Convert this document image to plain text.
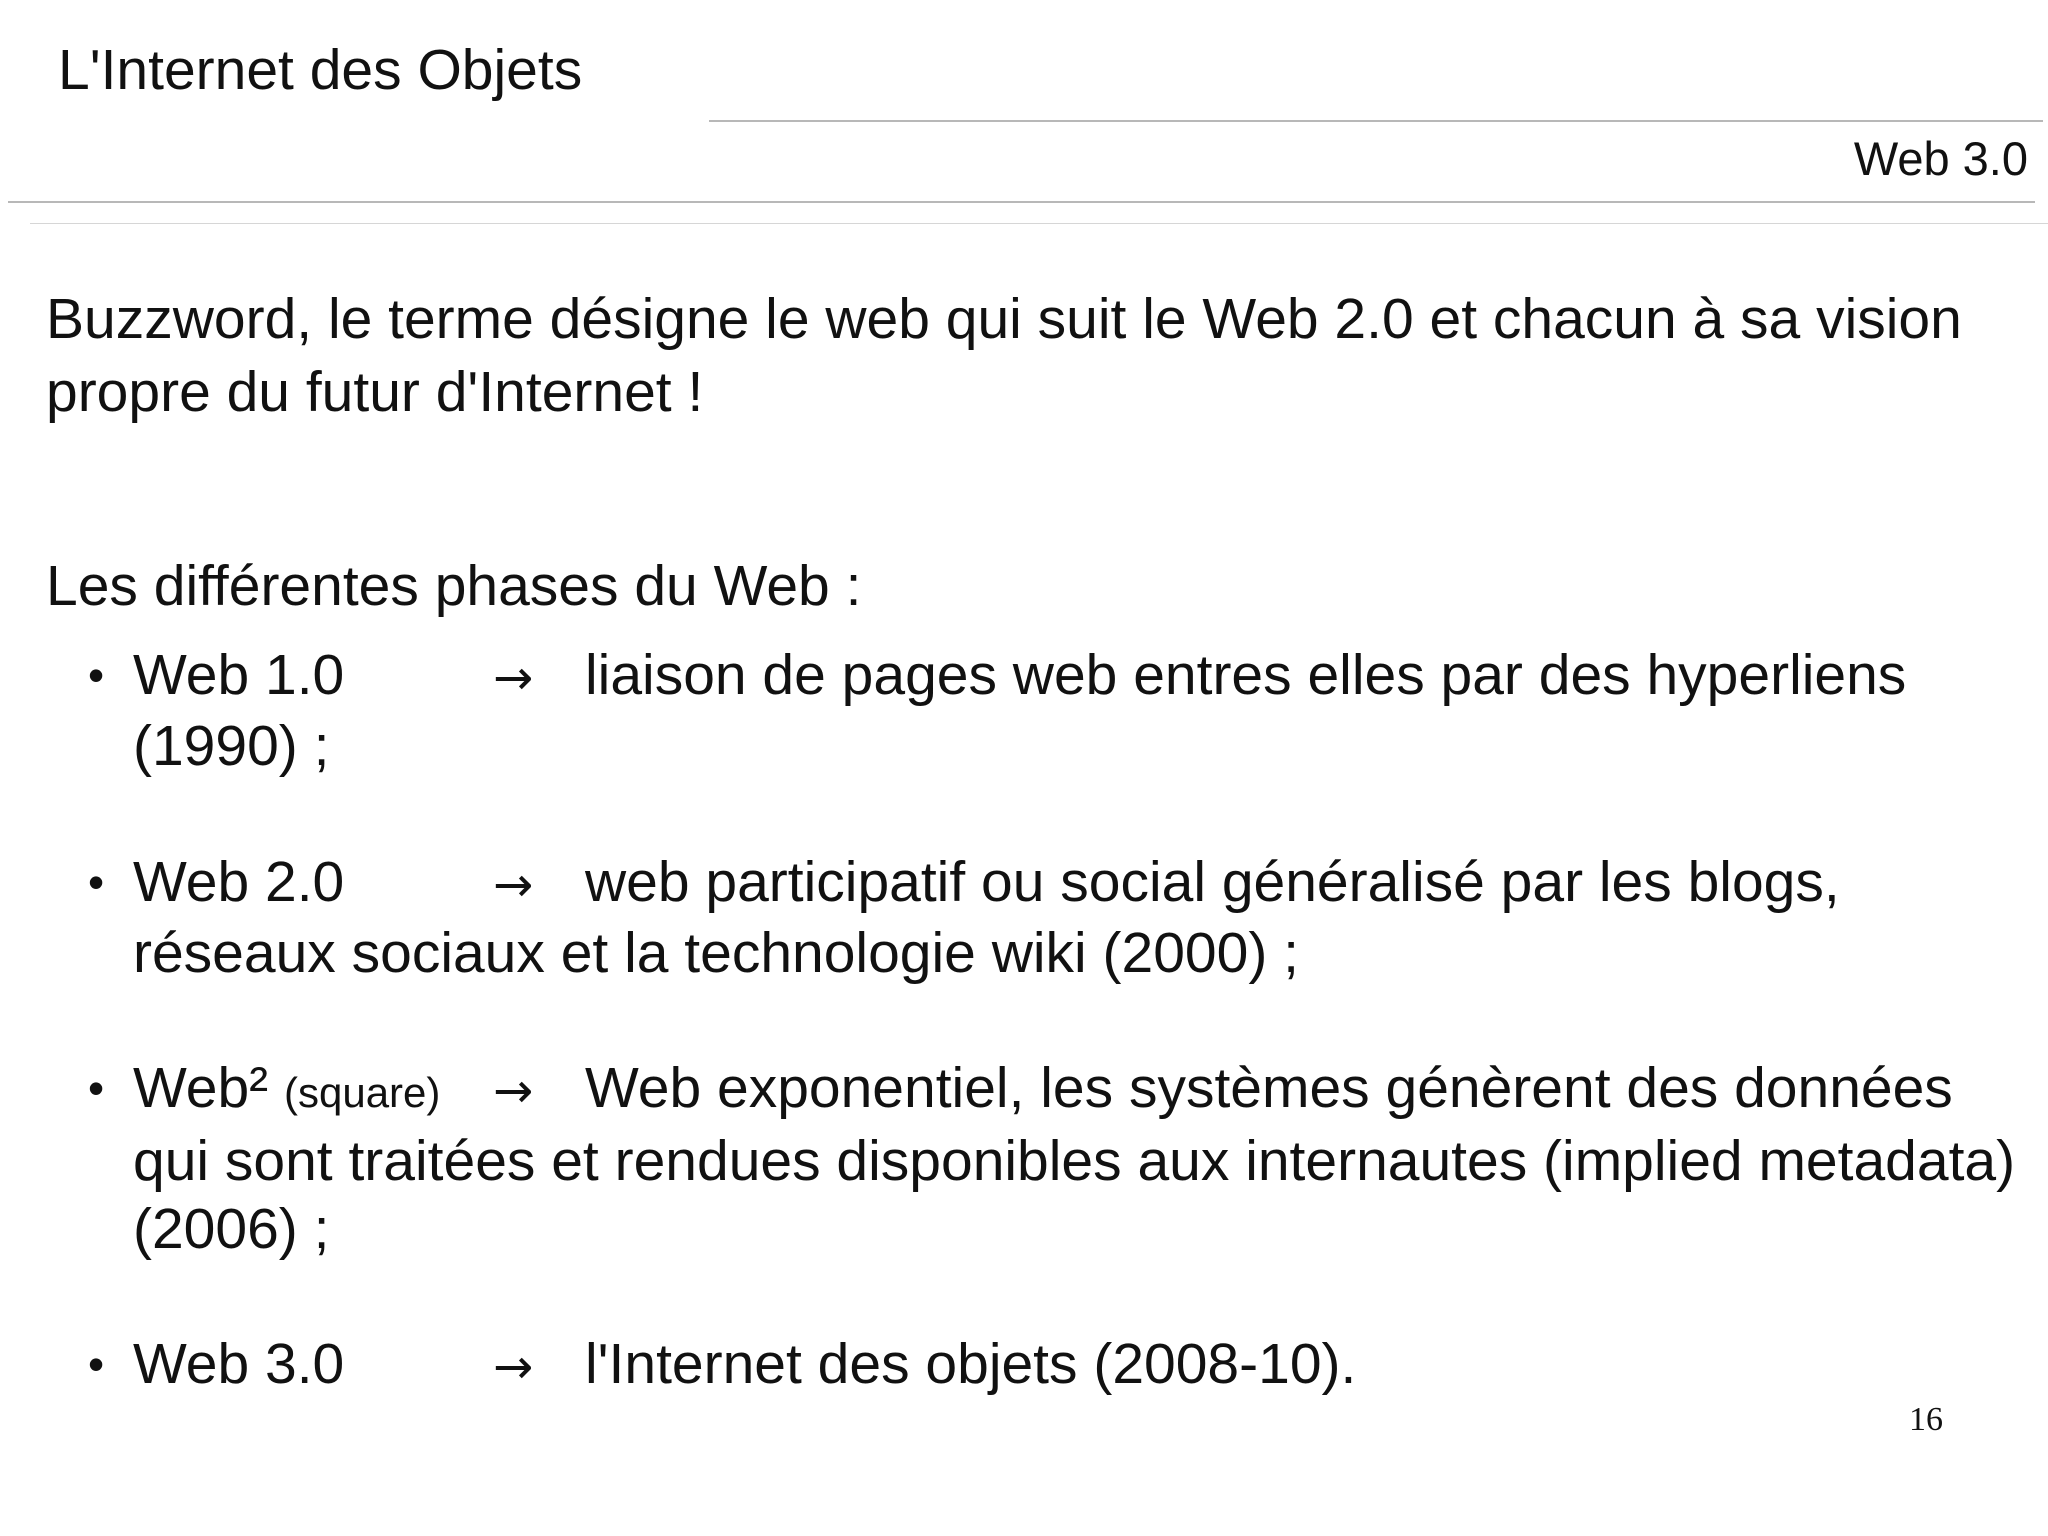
L'Internet des Objets
Web 3.0
Buzzword, le terme désigne le web qui suit le Web 2.0 et chacun à sa vision propre du futur d'Internet !
Les différentes phases du Web :
• Web 1.0	→ liaison de pages web entres elles par des hyperliens (1990) ;
• Web 2.0	→ web participatif ou social généralisé par les blogs, réseaux sociaux et la technologie wiki (2000) ;
• Web² (square) → Web exponentiel, les systèmes génèrent des données qui sont traitées et rendues disponibles aux internautes (implied metadata) (2006) ;
• Web 3.0	→ l'Internet des objets (2008-10).
16
